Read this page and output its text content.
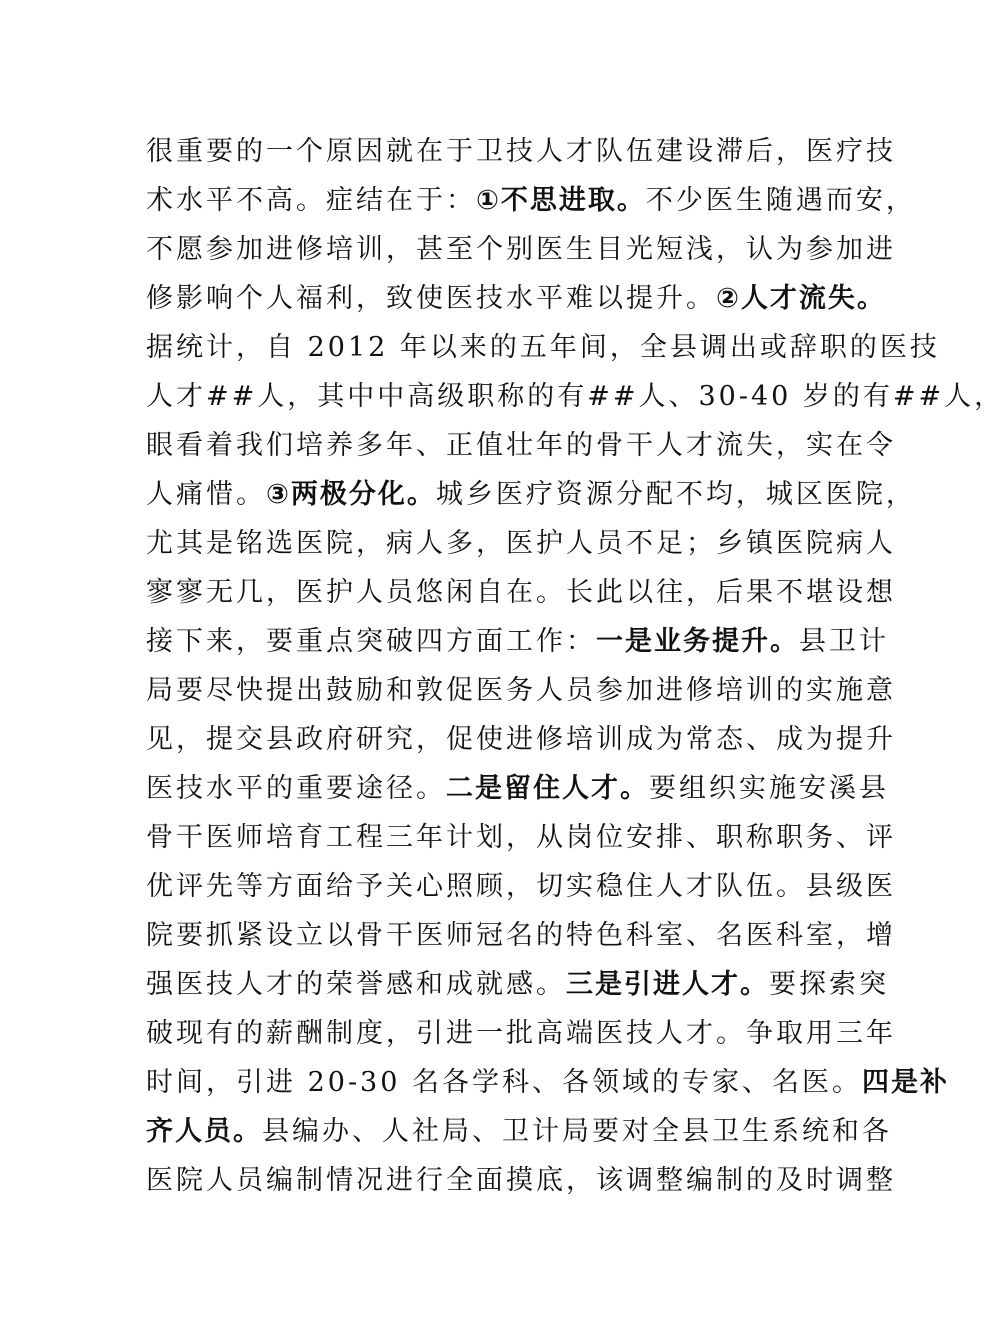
很重要的一个原因就在于卫技人才队伍建设滞后，医疗技
术水平不高。症结在于：①不思进取。不少医生随遇而安，
不愿参加进修培训，甚至个别医生目光短浅，认为参加进
修影响个人福利，致使医技水平难以提升。②人才流失。
据统计，自 2012 年以来的五年间，全县调出或辞职的医技
人才##人，其中中高级职称的有##人、30-40 岁的有##人，
眼看着我们培养多年、正值壮年的骨干人才流失，实在令
人痛惜。③两极分化。城乡医疗资源分配不均，城区医院，
尤其是铭选医院，病人多，医护人员不足；乡镇医院病人
寥寥无几，医护人员悠闲自在。长此以往，后果不堪设想
接下来，要重点突破四方面工作：一是业务提升。县卫计
局要尽快提出鼓励和敦促医务人员参加进修培训的实施意
见，提交县政府研究，促使进修培训成为常态、成为提升
医技水平的重要途径。二是留住人才。要组织实施安溪县
骨干医师培育工程三年计划，从岗位安排、职称职务、评
优评先等方面给予关心照顾，切实稳住人才队伍。县级医
院要抓紧设立以骨干医师冠名的特色科室、名医科室，增
强医技人才的荣誉感和成就感。三是引进人才。要探索突
破现有的薪酬制度，引进一批高端医技人才。争取用三年
时间，引进 20-30 名各学科、各领域的专家、名医。四是补
齐人员。县编办、人社局、卫计局要对全县卫生系统和各
医院人员编制情况进行全面摸底，该调整编制的及时调整
